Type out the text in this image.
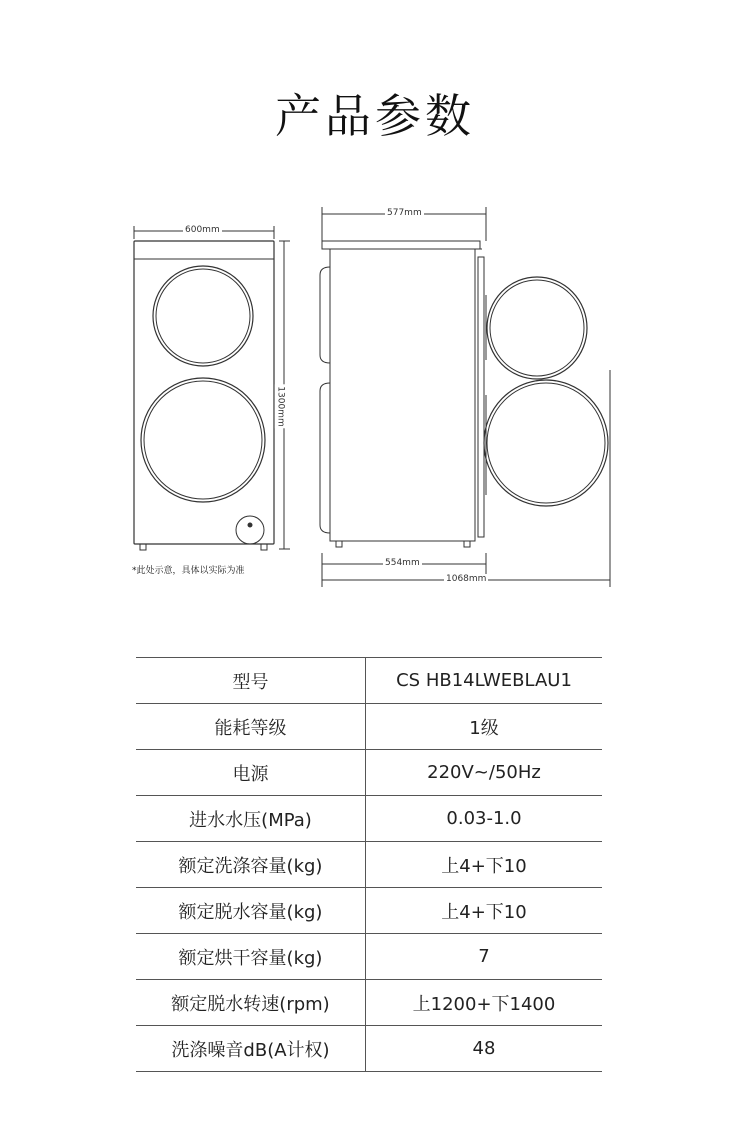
产品参数
600mm
1300mm
577mm
554mm
1068mm
*此处示意，具体以实际为准
型号	CS HB14LWEBLAU1
能耗等级	1级
电源	220V~/50Hz
进水水压(MPa)	0.03-1.0
额定洗涤容量(kg)	上4+下10
额定脱水容量(kg)	上4+下10
额定烘干容量(kg)	7
额定脱水转速(rpm)	上1200+下1400
洗涤噪音dB(A计权)	48
